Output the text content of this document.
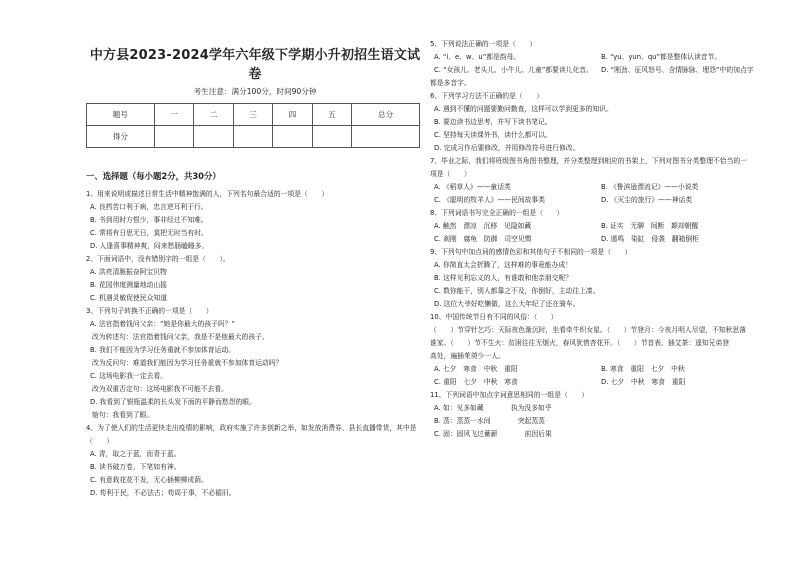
中方县2023-2024学年六年级下学期小升初招生语文试卷
考生注意：满分100分，时间90分钟
题号	一	二	三	四	五	总分
得分						
一、选择题（每小题2分，共30分）
1、用来说明或描述日常生活中精神饱满的人，下列名句最合适的一项是（　　）
A. 良药苦口利于病，忠言逆耳利于行。
B. 书到用时方恨少，事非经过不知难。
C. 常将有日思无日，莫把无时当有时。
D. 人逢喜事精神爽，闷来愁肠瞌睡多。
2、下面词语中，没有错别字的一组是（　　）。
A. 洪亮清脆振奋阿宝贝物
B. 花园伟度测量地动山摇
C. 机遇灵敏促使民众知道
3、下列句子转换不正确的一项是（　　）
A. 法官指着钱问父亲：“她是你最大的孩子吗？”
改为转述句：法官指着钱问父亲，我是不是他最大的孩子。
B. 我们不能因为学习任务重就不参加体育运动。
改为反问句：难道我们能因为学习任务重就不参加体育运动吗？
C. 这场电影我一定去看。
改为双重否定句：这场电影我不可能不去看。
D. 我看到了银瓶温柔的长头发下面的平静而愁怨的眼。
缩句：我看到了眼。
4、为了使人们的生活更快走出疫情的影响，政府实施了许多创新之举，如发放消费券、县长直播带货，其中是（　　）
A. 青，取之于蓝，而青于蓝。
B. 读书破万卷，下笔如有神。
C. 有意栽花花不发，无心插柳柳成荫。
D. 苟利于民，不必法古；苟周于事，不必循旧。
5、下列说法正确的一项是（　　）
A. “i、e、w、u”都是韵母。	B. “yu、yun、qu”都是整体认读音节。
C. “女孩儿、老头儿、小牛儿、儿童”都要读儿化音。	D. “刚劲、征风怒号、含情脉脉、埋怨”中的加点字
都是多音字。
6、下列学习方法不正确的是（　　）
A. 遇到不懂的问题要勤问勤查，这样可以学到更多的知识。
B. 要边读书边思考，并写下读书笔记。
C. 坚持每天读课外书，读什么都可以。
D. 完成习作后要修改，并用修改符号进行修改。
7、毕业之际，我们将班级图书角图书整理，并分类整理到相应的书架上，下列对图书分类整理不恰当的一
项是（　　）
A. 《稻草人》——童话类	B. 《鲁滨逊漂流记》——小说类
C. 《聪明的牧羊人》——民间故事类	D. 《灭尘的旅行》——神话类
8、下列词语书写完全正确的一组是（　　）
A. 触然　漂凉　沉移　见隐如藏	B. 证实　无聊　间断　颠却朝醒
C. 刹刚　腐龟　防御　司空见惯	D. 遁鸣　染缸　侵袭　翻箱倒柜
9、下列句中加点词的感情色彩和其他句子不相同的一项是（　　）
A. 你简直太会折腾了，这样难的事竟能办成！
B. 这样见利忘义的人，有谁敢和他亲朋交呢？
C. 数你能干，别人都靠之不及，你倒好，主动往上凑。
D. 这位大爷好吃懒做，这么大年纪了还在骑车。
10、中国传统节日有不同的风俗：（　　）
（　　）节穿针乞巧：天际夜色渐沉时，坐看牵牛织女星。（　　）节登月：今夜月明人尽望，不知秋思落
谁家。（　　）节不生火：贫困往往无烟火，春风犹惜杏花开。（　　）节首表、插艾茶：遥知兄弟登
高处，遍插茱萸少一人。
A. 七夕　寒食　中秋　重阳	B. 寒食　重阳　七夕　中秋
C. 重阳　七夕　中秋　寒食	D. 七夕　中秋　寒食　重阳
11、下列词语中加点字词意思相同的一组是（　　）
A. 如：见多如藏　　　　执为没多如乎
B. 蒸：蒸蒸一水间　　　　突起蒸蒸
C. 固：固风飞过蓄薪　　　　前因后果
